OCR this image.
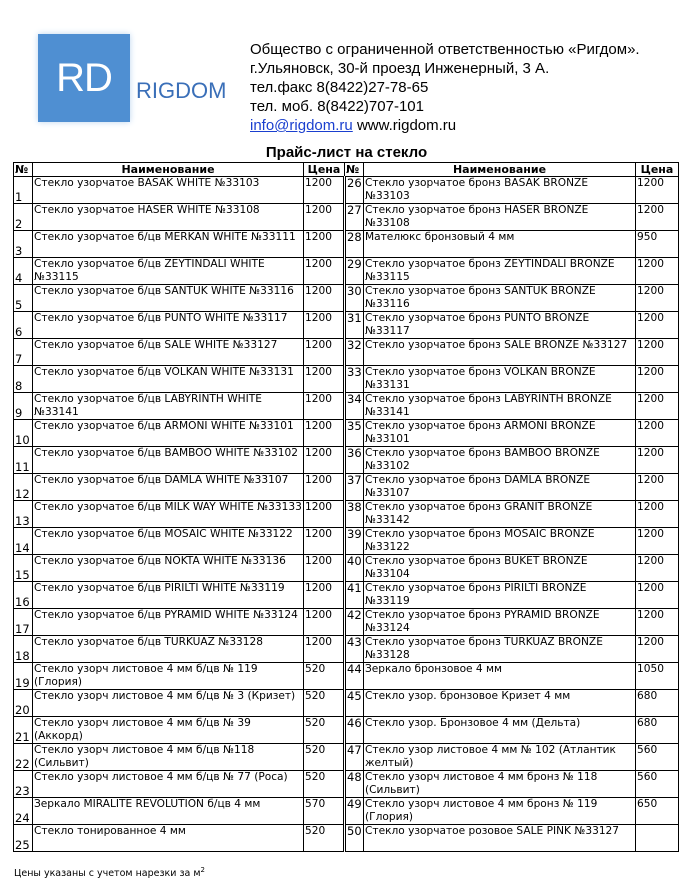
RD	RIGDOM
Общество с ограниченной ответственностью «Ригдом».
г.Ульяновск, 30-й проезд Инженерный, 3 А.
тел.факс 8(8422)27-78-65
тел. моб. 8(8422)707-101
info@rigdom.ru www.rigdom.ru
Прайс-лист на стекло
№	Наименование	Цена	№	Наименование	Цена
1	Стекло узорчатое BASAK WHITE №33103	1200	26	Стекло узорчатое бронз BASAK BRONZE №33103	1200
2	Стекло узорчатое HASER WHITE №33108	1200	27	Стекло узорчатое бронз HASER BRONZE №33108	1200
3	Стекло узорчатое б/цв MERKAN WHITE №33111	1200	28	Мателюкс бронзовый 4 мм	950
4	Стекло узорчатое б/цв ZEYTINDALI WHITE №33115	1200	29	Стекло узорчатое бронз ZEYTINDALI BRONZE №33115	1200
5	Стекло узорчатое б/цв SANTUK WHITE №33116	1200	30	Стекло узорчатое бронз SANTUK BRONZE №33116	1200
6	Стекло узорчатое б/цв PUNTO WHITE №33117	1200	31	Стекло узорчатое бронз PUNTO BRONZE №33117	1200
7	Стекло узорчатое б/цв SALE WHITE №33127	1200	32	Стекло узорчатое бронз SALE BRONZE №33127	1200
8	Стекло узорчатое б/цв VOLKAN WHITE №33131	1200	33	Стекло узорчатое бронз VOLKAN BRONZE №33131	1200
9	Стекло узорчатое б/цв LABYRINTH WHITE №33141	1200	34	Стекло узорчатое бронз LABYRINTH BRONZE №33141	1200
10	Стекло узорчатое б/цв ARMONI WHITE №33101	1200	35	Стекло узорчатое бронз ARMONI BRONZE №33101	1200
11	Стекло узорчатое б/цв BAMBOO WHITE №33102	1200	36	Стекло узорчатое бронз BAMBOO BRONZE №33102	1200
12	Стекло узорчатое б/цв DAMLA WHITE №33107	1200	37	Стекло узорчатое бронз DAMLA BRONZE №33107	1200
13	Стекло узорчатое б/цв MILK WAY WHITE №33133	1200	38	Стекло узорчатое бронз GRANIT BRONZE №33142	1200
14	Стекло узорчатое б/цв MOSAIC WHITE №33122	1200	39	Стекло узорчатое бронз MOSAIC BRONZE №33122	1200
15	Стекло узорчатое б/цв NOKTA WHITE №33136	1200	40	Стекло узорчатое бронз BUKET BRONZE №33104	1200
16	Стекло узорчатое б/цв PIRILTI WHITE №33119	1200	41	Стекло узорчатое бронз PIRILTI BRONZE №33119	1200
17	Стекло узорчатое б/цв PYRAMID WHITE №33124	1200	42	Стекло узорчатое бронз PYRAMID BRONZE №33124	1200
18	Стекло узорчатое б/цв TURKUAZ №33128	1200	43	Стекло узорчатое бронз TURKUAZ BRONZE №33128	1200
19	Стекло узорч листовое 4 мм б/цв № 119 (Глория)	520	44	Зеркало бронзовое 4 мм	1050
20	Стекло узорч листовое 4 мм б/цв № 3 (Кризет)	520	45	Стекло узор. бронзовое Кризет 4 мм	680
21	Стекло узорч листовое 4 мм б/цв № 39 (Аккорд)	520	46	Стекло узор. Бронзовое 4 мм (Дельта)	680
22	Стекло узорч листовое 4 мм б/цв №118 (Сильвит)	520	47	Стекло узор листовое 4 мм № 102 (Атлантик желтый)	560
23	Стекло узорч листовое 4 мм б/цв № 77 (Роса)	520	48	Стекло узорч листовое 4 мм бронз № 118 (Сильвит)	560
24	Зеркало MIRALITE REVOLUTION б/цв 4 мм	570	49	Стекло узорч листовое 4 мм бронз № 119 (Глория)	650
25	Стекло тонированное 4 мм	520	50	Стекло узорчатое розовое SALE PINK №33127	
Цены указаны с учетом нарезки за $м^2$
